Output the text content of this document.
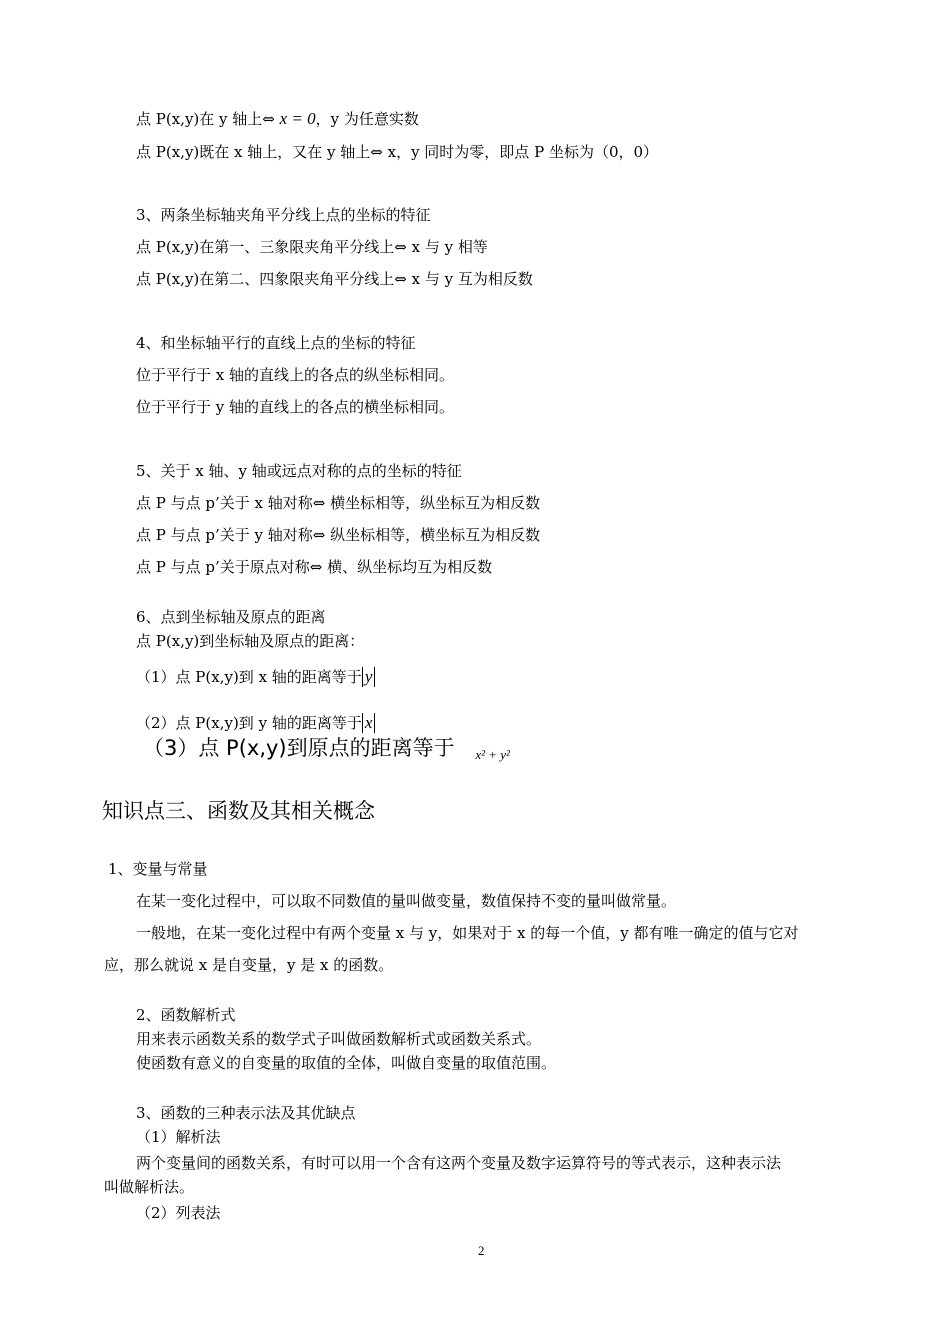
点 P(x,y)在 y 轴上⇔ x = 0，y 为任意实数
点 P(x,y)既在 x 轴上，又在 y 轴上⇔ x，y 同时为零，即点 P 坐标为（0，0）
3、两条坐标轴夹角平分线上点的坐标的特征
点 P(x,y)在第一、三象限夹角平分线上⇔ x 与 y 相等
点 P(x,y)在第二、四象限夹角平分线上⇔ x 与 y 互为相反数
4、和坐标轴平行的直线上点的坐标的特征
位于平行于 x 轴的直线上的各点的纵坐标相同。
位于平行于 y 轴的直线上的各点的横坐标相同。
5、关于 x 轴、y 轴或远点对称的点的坐标的特征
点 P 与点 p’关于 x 轴对称⇔ 横坐标相等，纵坐标互为相反数
点 P 与点 p’关于 y 轴对称⇔ 纵坐标相等，横坐标互为相反数
点 P 与点 p’关于原点对称⇔ 横、纵坐标均互为相反数
6、点到坐标轴及原点的距离
点 P(x,y)到坐标轴及原点的距离：
（1）点 P(x,y)到 x 轴的距离等于 y
（2）点 P(x,y)到 y 轴的距离等于 x
（3）点 P(x,y)到原点的距离等于 x² + y²
知识点三、函数及其相关概念
1、变量与常量
在某一变化过程中，可以取不同数值的量叫做变量，数值保持不变的量叫做常量。
一般地，在某一变化过程中有两个变量 x 与 y，如果对于 x 的每一个值，y 都有唯一确定的值与它对
应，那么就说 x 是自变量，y 是 x 的函数。
2、函数解析式
用来表示函数关系的数学式子叫做函数解析式或函数关系式。
使函数有意义的自变量的取值的全体，叫做自变量的取值范围。
3、函数的三种表示法及其优缺点
（1）解析法
两个变量间的函数关系，有时可以用一个含有这两个变量及数字运算符号的等式表示，这种表示法
叫做解析法。
（2）列表法
2
